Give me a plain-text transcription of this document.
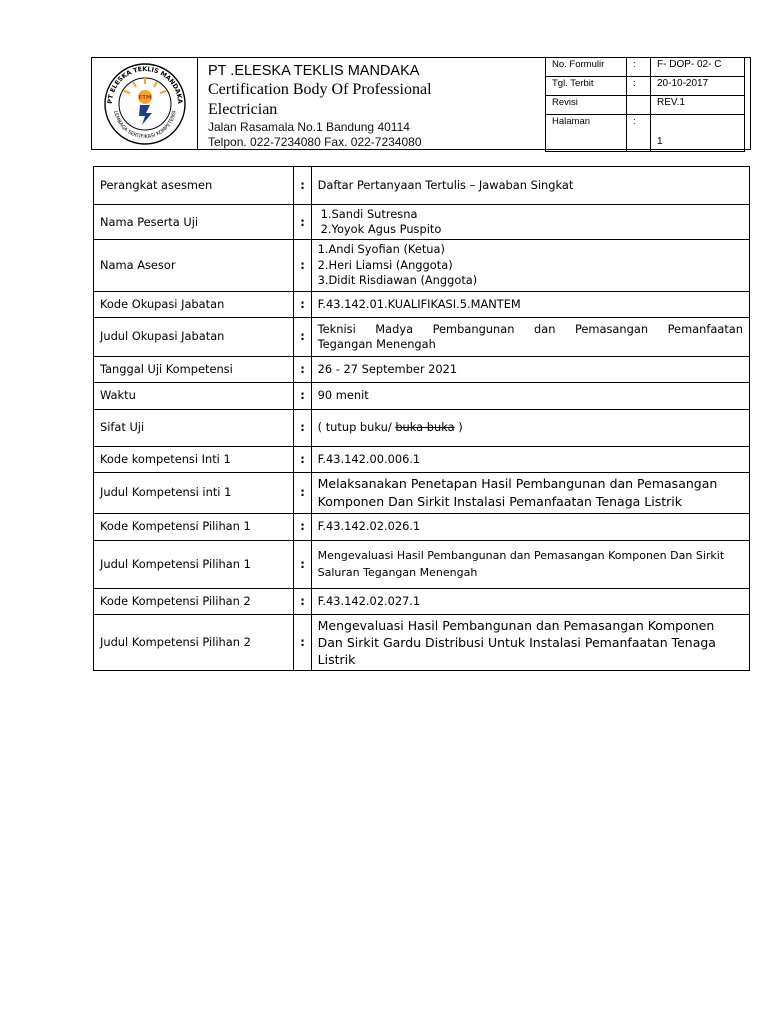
PT ELESKA TEKLIS MANDAKA
LEMBAGA SERTIFIKASI KOMPETENSI
ETM
PT .ELESKA TEKLIS MANDAKA
Certification Body Of Professional
Electrician
Jalan Rasamala No.1 Bandung 40114
Telpon. 022-7234080 Fax. 022-7234080
No. Formulir	:	F- DOP- 02- C
Tgl. Terbit	:	20-10-2017
Revisi		REV.1
Halaman	:	1
Perangkat asesmen	:	Daftar Pertanyaan Tertulis – Jawaban Singkat
Nama Peserta Uji	:	1.Sandi Sutresna
2.Yoyok Agus Puspito

Nama Asesor	:	1.Andi Syofian (Ketua)
2.Heri Liamsi (Anggota)
3.Didit Risdiawan (Anggota)

Kode Okupasi Jabatan	:	F.43.142.01.KUALIFIKASI.5.MANTEM
Judul Okupasi Jabatan	:	Teknisi Madya Pembangunan dan Pemasangan Pemanfaatan
Tegangan Menengah

Tanggal Uji Kompetensi	:	26 - 27 September 2021
Waktu	:	90 menit
Sifat Uji	:	( tutup buku/ buka buka )
Kode kompetensi Inti 1	:	F.43.142.00.006.1
Judul Kompetensi inti 1	:	Melaksanakan Penetapan Hasil Pembangunan dan Pemasangan
Komponen Dan Sirkit Instalasi Pemanfaatan Tenaga Listrik

Kode Kompetensi Pilihan 1	:	F.43.142.02.026.1
Judul Kompetensi Pilihan 1	:	Mengevaluasi Hasil Pembangunan dan Pemasangan Komponen Dan Sirkit
Saluran Tegangan Menengah

Kode Kompetensi Pilihan 2	:	F.43.142.02.027.1
Judul Kompetensi Pilihan 2	:	Mengevaluasi Hasil Pembangunan dan Pemasangan Komponen
Dan Sirkit Gardu Distribusi Untuk Instalasi Pemanfaatan Tenaga
Listrik
